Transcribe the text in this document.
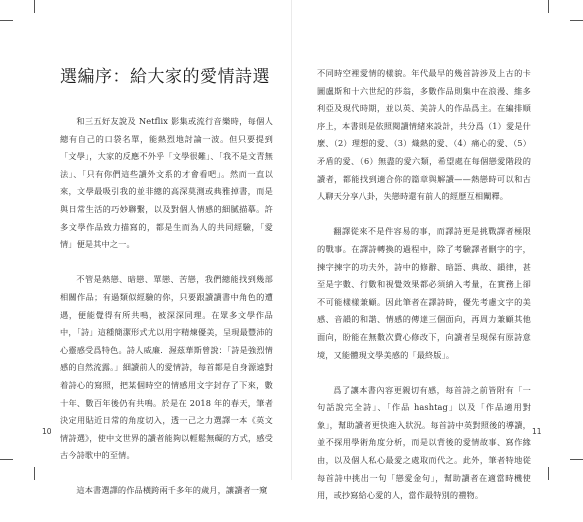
選編序：給大家的愛情詩選

和三五好友說及 Netflix 影集或流行音樂時，每個人總有自己的口袋名單，能熱烈地討論一波。但只要提到「文學」，大家的反應不外乎「文學很難」、「我不是文青無法」、「只有你們這些讀外文系的才會看吧」。然而一直以來，文學最吸引我的並非總的高深莫測或典雅掉書，而是與日常生活的巧妙聯繫，以及對個人情感的細膩描摹。許多文學作品致力描寫的，都是生而為人的共同經驗，「愛情」便是其中之一。

不管是熱戀、暗戀、單戀、苦戀，我們總能找到幾部相關作品；有過類似經驗的你，只要跟讀讀書中角色的遭遇，便能覺得有所共鳴，被深深同理。在眾多文學作品中，「詩」這種簡潔形式尤以用字精煉優美，呈現最豐沛的心靈感受爲特色。詩人威廉．渥茲華斯曾說：「詩是強烈情感的自然流露。」細讀前人的愛情詩，每首都是自身源遠對着詩心的寫照，把某個時空的情感用文字封存了下來，數十年、數百年後仍有共鳴。於是在 2018 年的春天，筆者決定用貼近日常的角度切入，透一己之力選譯一本《英文情詩選》，使中文世界的讀者能夠以輕鬆無礙的方式，感受古今詩歌中的至情。

這本書選譯的作品橫跨兩千多年的歲月，讓讀者一窺

10

不同時空裡愛情的樣貌。年代最早的幾首詩涉及上古的卡圖盧斯和十六世紀的莎翁，多數作品則集中在浪漫、維多利亞及現代時期，並以英、美詩人的作品爲主。在編排順序上，本書則是依照閱讀情緒來設計，共分爲（1）愛是什麼、（2）理想的愛、（3）熾熱的愛、（4）痛心的愛、（5）矛盾的愛、（6）無盡的愛六類，希望處在每個戀愛階段的讀者，都能找到適合你的篇章與解讀——熱戀時可以和古人聊天分享八卦，失戀時還有前人的經歷互相闡釋。

翻譯從來不是件容易的事，而譯詩更是挑戰譯者極限的戰事。在譯詩轉換的過程中，除了考驗譯者刪字的字，揀字揀字的功夫外，詩中的修辭、暗語、典故、韻律，甚至是字數、行數和視覺效果都必須納入考量，在實務上卻不可能樣樣兼顧。因此筆者在譯詩時，優先考慮文字的美感、音韻的和諧、情感的傳達三個面向，再周力兼顧其他面向，盼能在無數次費心修改下，向讀者呈現保有原詩意境，又能體現文學美感的「最終版」。

爲了讓本書內容更親切有感，每首詩之前皆附有「一句話說完全詩」、「作品 hashtag」以及「作品適用對象」，幫助讀者更快進入狀況。每首詩中英對照後的導讀，並不探用學術角度分析，而是以背後的愛情故事、寫作緣由，以及個人私心最愛之處取而代之。此外，筆者特地從每首詩中挑出一句「戀愛金句」，幫助讀者在適當時機使用，或抄寫給心愛的人，當作最特別的禮物。

11
